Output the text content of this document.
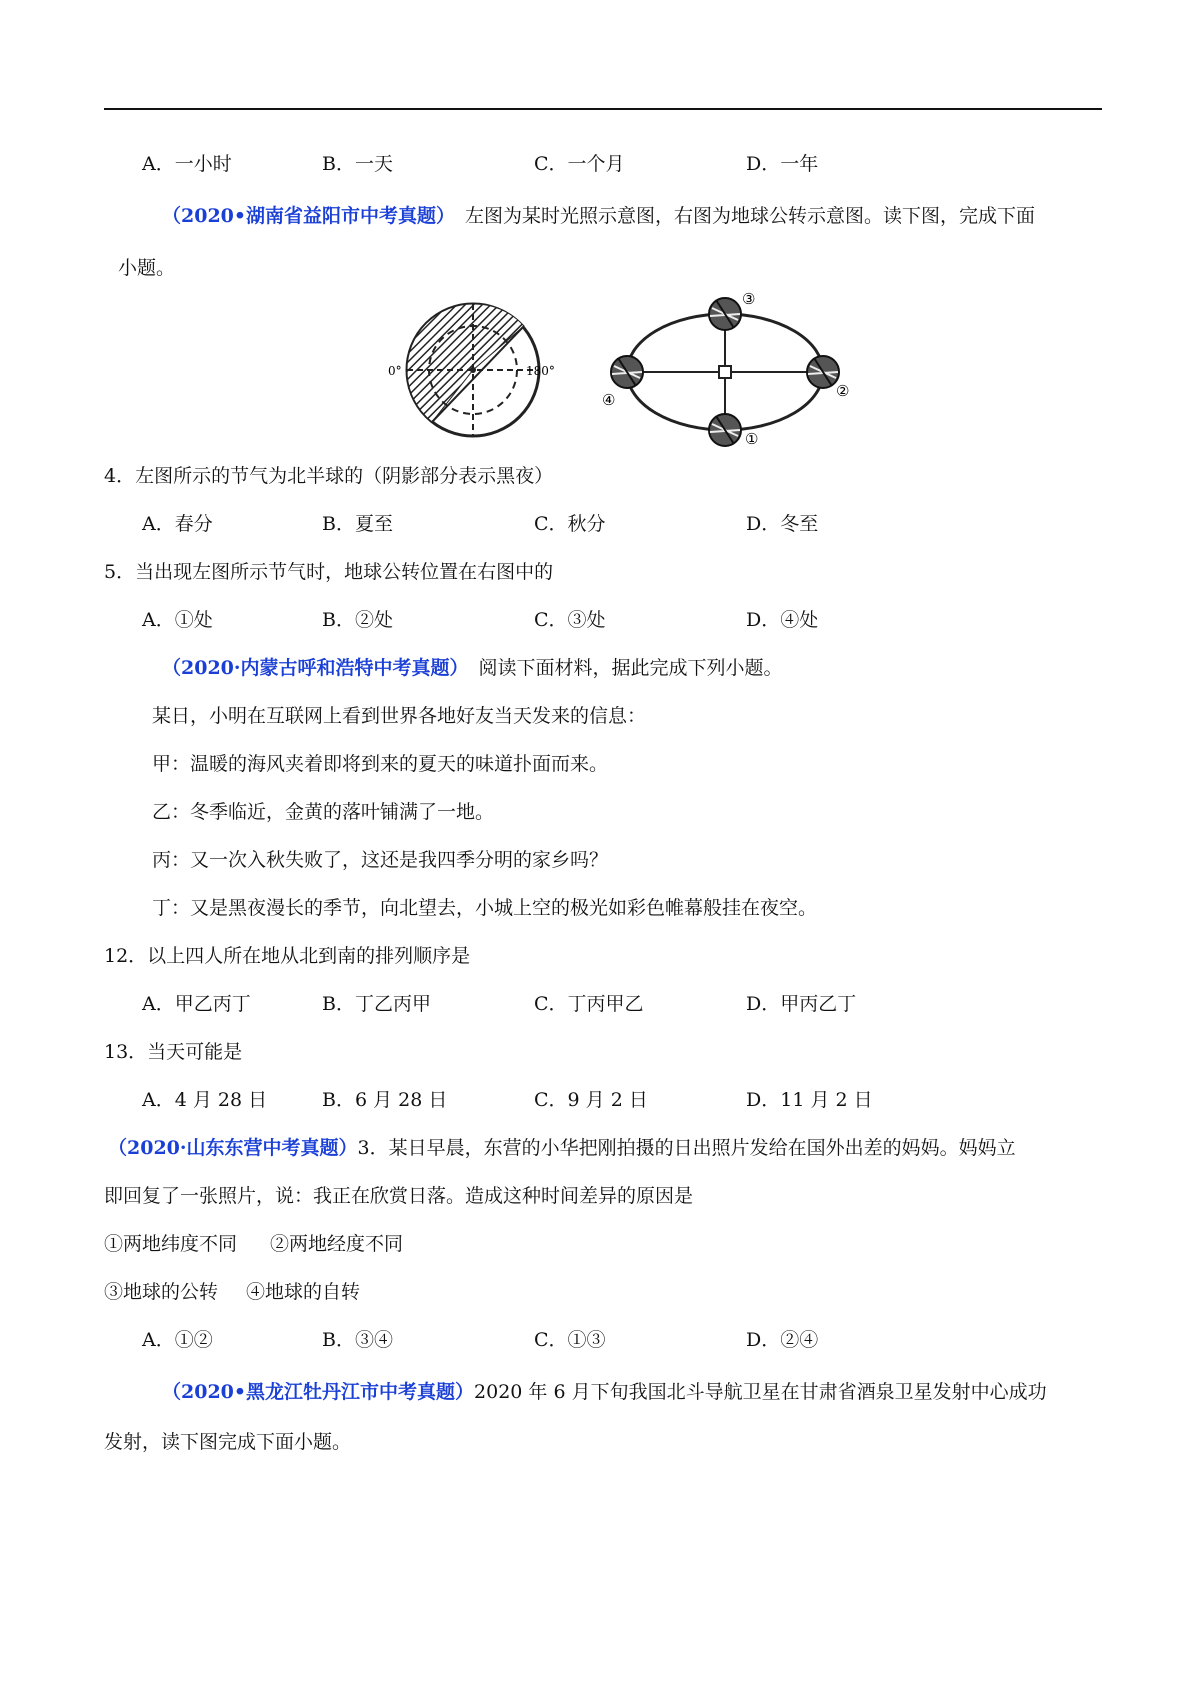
A．一小时	B．一天	C．一个月	D．一年
（2020•湖南省益阳市中考真题） 左图为某时光照示意图，右图为地球公转示意图。读下图，完成下面
小题。
0°	180°
③
②
①
④
4．左图所示的节气为北半球的（阴影部分表示黑夜）
A．春分	B．夏至	C．秋分	D．冬至
5．当出现左图所示节气时，地球公转位置在右图中的
A．①处	B．②处	C．③处	D．④处
（2020·内蒙古呼和浩特中考真题） 阅读下面材料，据此完成下列小题。
某日，小明在互联网上看到世界各地好友当天发来的信息：
甲：温暖的海风夹着即将到来的夏天的味道扑面而来。
乙：冬季临近，金黄的落叶铺满了一地。
丙：又一次入秋失败了，这还是我四季分明的家乡吗？
丁：又是黑夜漫长的季节，向北望去，小城上空的极光如彩色帷幕般挂在夜空。
12．以上四人所在地从北到南的排列顺序是
A．甲乙丙丁	B．丁乙丙甲	C．丁丙甲乙	D．甲丙乙丁
13．当天可能是
A．4 月 28 日	B．6 月 28 日	C．9 月 2 日	D．11 月 2 日
（2020·山东东营中考真题）3．某日早晨，东营的小华把刚拍摄的日出照片发给在国外出差的妈妈。妈妈立
即回复了一张照片，说：我正在欣赏日落。造成这种时间差异的原因是
①两地纬度不同 ②两地经度不同
③地球的公转 ④地球的自转
A．①②	B．③④	C．①③	D．②④
（2020•黑龙江牡丹江市中考真题）2020 年 6 月下旬我国北斗导航卫星在甘肃省酒泉卫星发射中心成功
发射，读下图完成下面小题。
